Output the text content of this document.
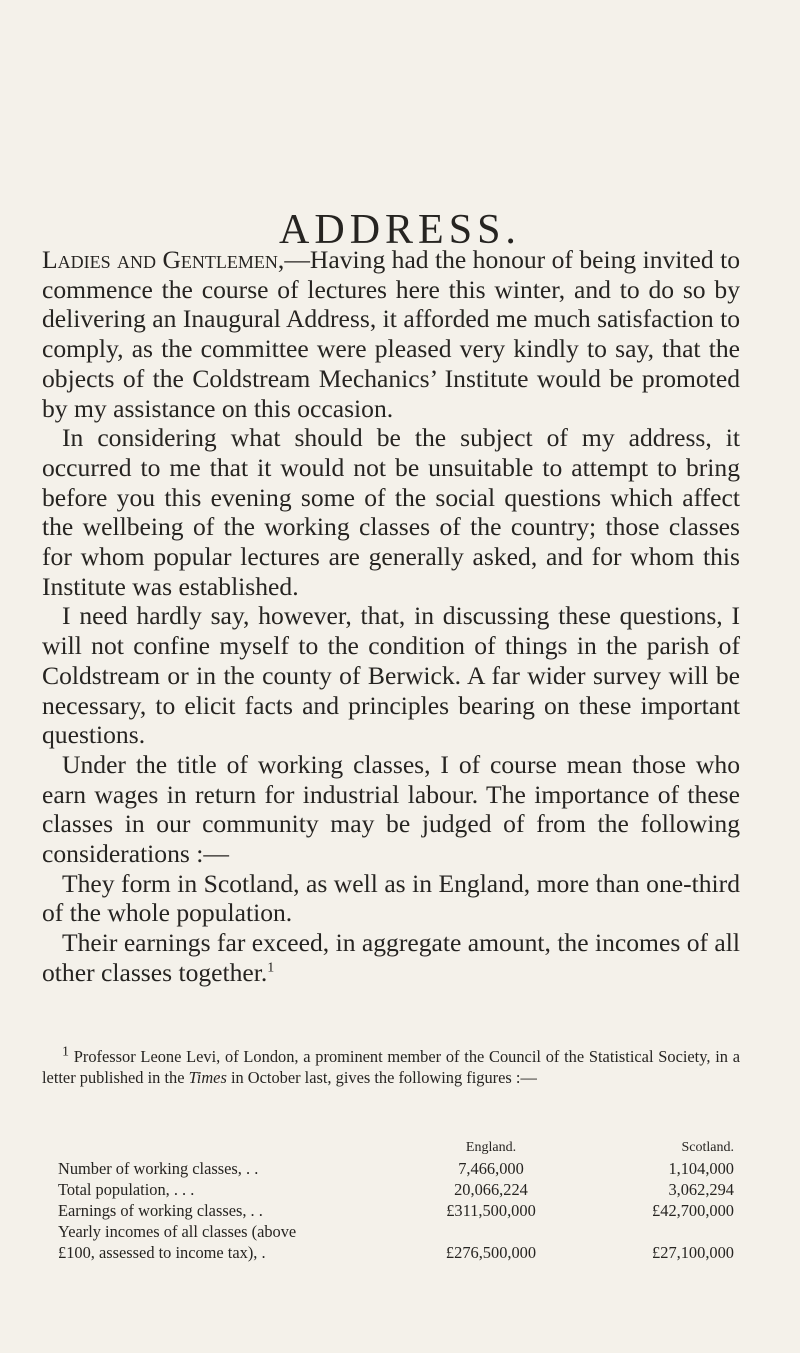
ADDRESS.

Ladies and Gentlemen,—Having had the honour of being invited to commence the course of lectures here this winter, and to do so by delivering an Inaugural Address, it afforded me much satisfaction to comply, as the committee were pleased very kindly to say, that the objects of the Coldstream Mechanics’ Institute would be promoted by my assistance on this occasion.

In considering what should be the subject of my address, it occurred to me that it would not be unsuitable to attempt to bring before you this evening some of the social questions which affect the wellbeing of the working classes of the country; those classes for whom popular lectures are generally asked, and for whom this Institute was established.

I need hardly say, however, that, in discussing these questions, I will not confine myself to the condition of things in the parish of Coldstream or in the county of Berwick. A far wider survey will be necessary, to elicit facts and principles bearing on these important questions.

Under the title of working classes, I of course mean those who earn wages in return for industrial labour. The importance of these classes in our community may be judged of from the following considerations :—

They form in Scotland, as well as in England, more than one-third of the whole population.

Their earnings far exceed, in aggregate amount, the incomes of all other classes together.$^1$

$^1$ Professor Leone Levi, of London, a prominent member of the Council of the Statistical Society, in a letter published in the Times in October last, gives the following figures :—

	England.	Scotland.
Number of working classes, . .	7,466,000	1,104,000
Total population, . . .	20,066,224	3,062,294
Earnings of working classes, . .	£311,500,000	£42,700,000
Yearly incomes of all classes (above		
£100, assessed to income tax), .	£276,500,000	£27,100,000
